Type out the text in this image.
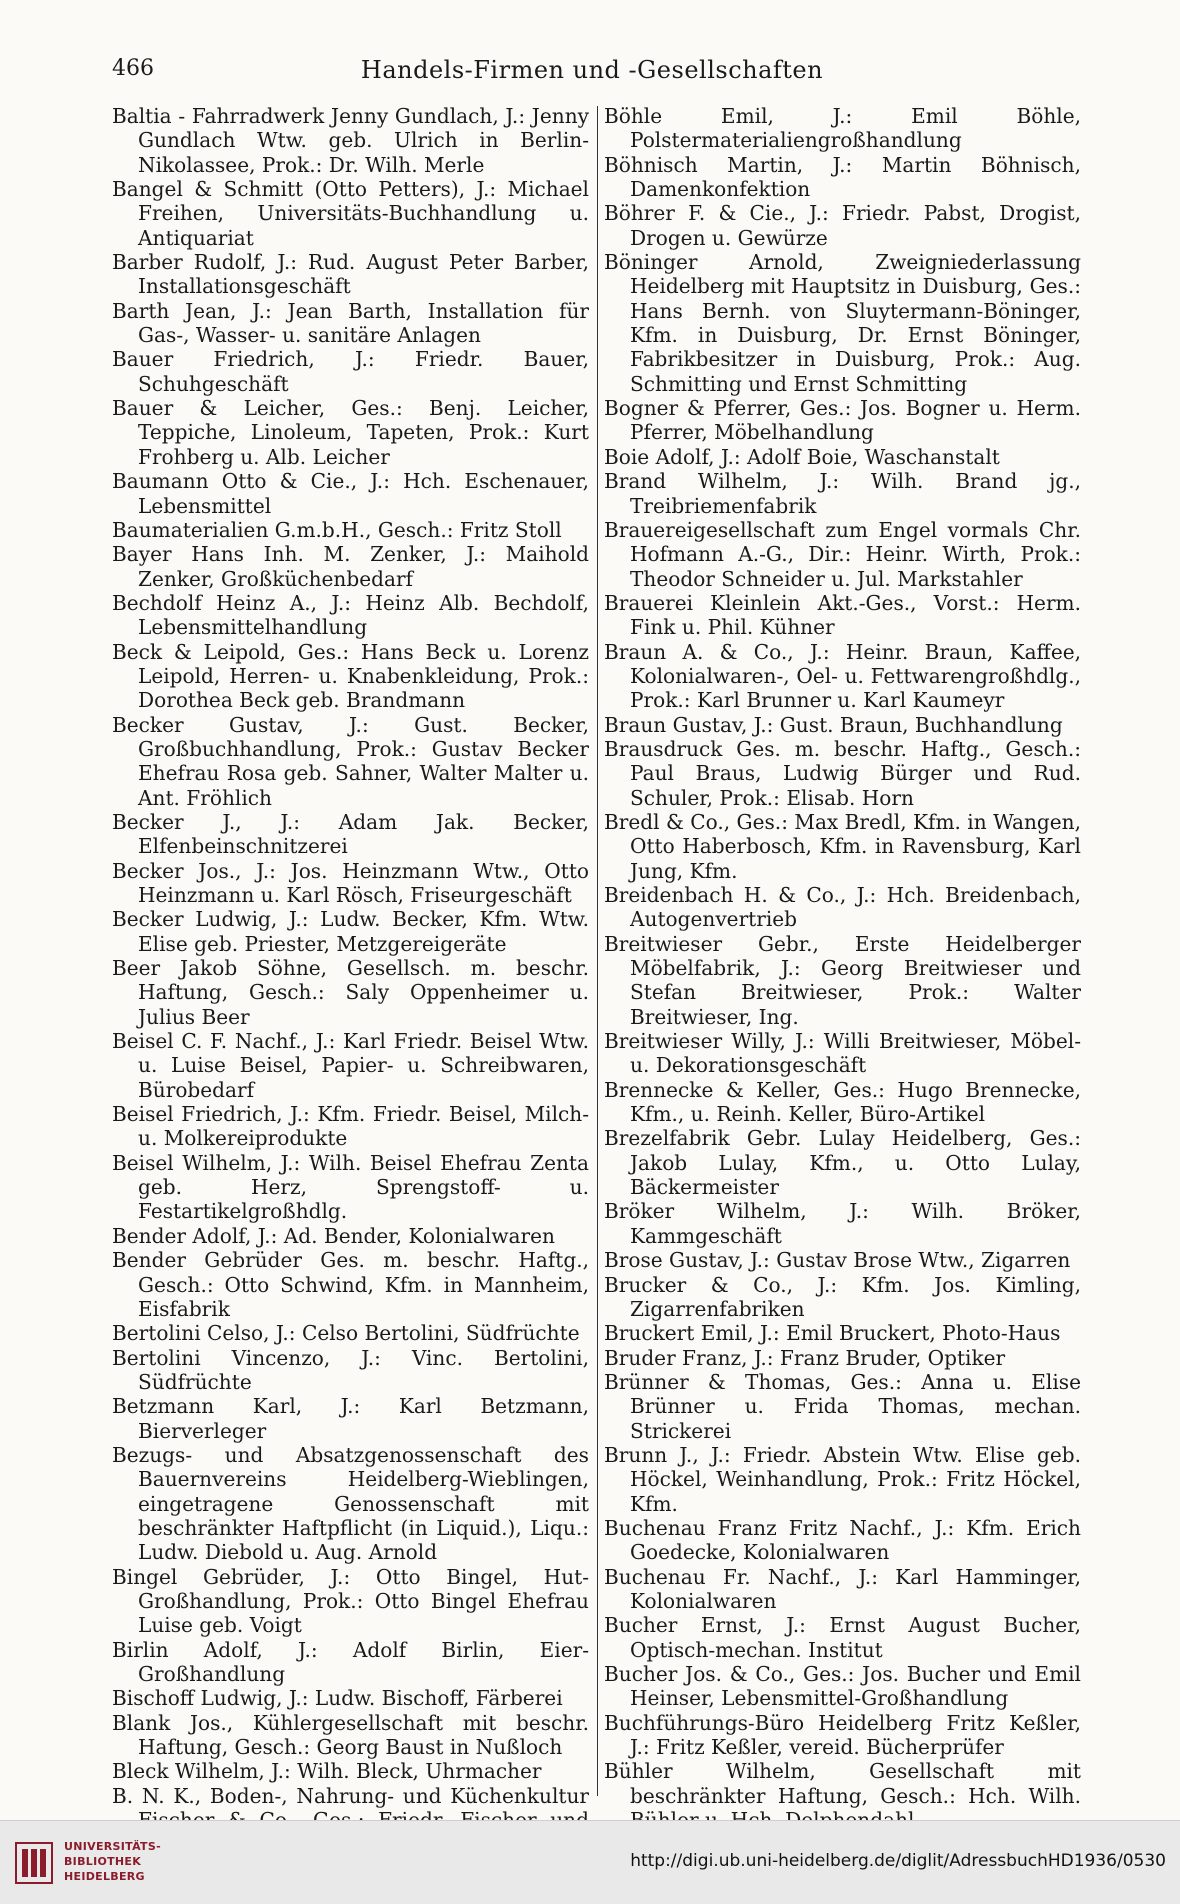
466	Handels-Firmen und -Gesellschaften

Baltia - Fahrradwerk Jenny Gundlach, J.: Jenny Gundlach Wtw. geb. Ulrich in Berlin-Nikolassee, Prok.: Dr. Wilh. Merle

Bangel & Schmitt (Otto Petters), J.: Michael Freihen, Universitäts-Buchhandlung u. Antiquariat

Barber Rudolf, J.: Rud. August Peter Barber, Installationsgeschäft

Barth Jean, J.: Jean Barth, Installation für Gas-, Wasser- u. sanitäre Anlagen

Bauer Friedrich, J.: Friedr. Bauer, Schuhgeschäft

Bauer & Leicher, Ges.: Benj. Leicher, Teppiche, Linoleum, Tapeten, Prok.: Kurt Frohberg u. Alb. Leicher

Baumann Otto & Cie., J.: Hch. Eschenauer, Lebensmittel

Baumaterialien G.m.b.H., Gesch.: Fritz Stoll

Bayer Hans Inh. M. Zenker, J.: Maihold Zenker, Großküchenbedarf

Bechdolf Heinz A., J.: Heinz Alb. Bechdolf, Lebensmittelhandlung

Beck & Leipold, Ges.: Hans Beck u. Lorenz Leipold, Herren- u. Knabenkleidung, Prok.: Dorothea Beck geb. Brandmann

Becker Gustav, J.: Gust. Becker, Großbuchhandlung, Prok.: Gustav Becker Ehefrau Rosa geb. Sahner, Walter Malter u. Ant. Fröhlich

Becker J., J.: Adam Jak. Becker, Elfenbeinschnitzerei

Becker Jos., J.: Jos. Heinzmann Wtw., Otto Heinzmann u. Karl Rösch, Friseurgeschäft

Becker Ludwig, J.: Ludw. Becker, Kfm. Wtw. Elise geb. Priester, Metzgereigeräte

Beer Jakob Söhne, Gesellsch. m. beschr. Haftung, Gesch.: Saly Oppenheimer u. Julius Beer

Beisel C. F. Nachf., J.: Karl Friedr. Beisel Wtw. u. Luise Beisel, Papier- u. Schreibwaren, Bürobedarf

Beisel Friedrich, J.: Kfm. Friedr. Beisel, Milch- u. Molkereiprodukte

Beisel Wilhelm, J.: Wilh. Beisel Ehefrau Zenta geb. Herz, Sprengstoff- u. Festartikelgroßhdlg.

Bender Adolf, J.: Ad. Bender, Kolonialwaren

Bender Gebrüder Ges. m. beschr. Haftg., Gesch.: Otto Schwind, Kfm. in Mannheim, Eisfabrik

Bertolini Celso, J.: Celso Bertolini, Südfrüchte

Bertolini Vincenzo, J.: Vinc. Bertolini, Südfrüchte

Betzmann Karl, J.: Karl Betzmann, Bierverleger

Bezugs- und Absatzgenossenschaft des Bauernvereins Heidelberg-Wieblingen, eingetragene Genossenschaft mit beschränkter Haftpflicht (in Liquid.), Liqu.: Ludw. Diebold u. Aug. Arnold

Bingel Gebrüder, J.: Otto Bingel, Hut-Großhandlung, Prok.: Otto Bingel Ehefrau Luise geb. Voigt

Birlin Adolf, J.: Adolf Birlin, Eier-Großhandlung

Bischoff Ludwig, J.: Ludw. Bischoff, Färberei

Blank Jos., Kühlergesellschaft mit beschr. Haftung, Gesch.: Georg Baust in Nußloch

Bleck Wilhelm, J.: Wilh. Bleck, Uhrmacher

B. N. K., Boden-, Nahrung- und Küchenkultur

Böhle Emil, J.: Emil Böhle, Polstermaterialiengroßhandlung

Böhnisch Martin, J.: Martin Böhnisch, Damenkonfektion

Böhrer F. & Cie., J.: Friedr. Pabst, Drogist, Drogen u. Gewürze

Böninger Arnold, Zweigniederlassung Heidelberg mit Hauptsitz in Duisburg, Ges.: Hans Bernh. von Sluytermann-Böninger, Kfm. in Duisburg, Dr. Ernst Böninger, Fabrikbesitzer in Duisburg, Prok.: Aug. Schmitting und Ernst Schmitting

Bogner & Pferrer, Ges.: Jos. Bogner u. Herm. Pferrer, Möbelhandlung

Boie Adolf, J.: Adolf Boie, Waschanstalt

Brand Wilhelm, J.: Wilh. Brand jg., Treibriemenfabrik

Brauereigesellschaft zum Engel vormals Chr. Hofmann A.-G., Dir.: Heinr. Wirth, Prok.: Theodor Schneider u. Jul. Markstahler

Brauerei Kleinlein Akt.-Ges., Vorst.: Herm. Fink u. Phil. Kühner

Braun A. & Co., J.: Heinr. Braun, Kaffee, Kolonialwaren-, Oel- u. Fettwarengroßhdlg., Prok.: Karl Brunner u. Karl Kaumeyr

Braun Gustav, J.: Gust. Braun, Buchhandlung

Brausdruck Ges. m. beschr. Haftg., Gesch.: Paul Braus, Ludwig Bürger und Rud. Schuler, Prok.: Elisab. Horn

Bredl & Co., Ges.: Max Bredl, Kfm. in Wangen, Otto Haberbosch, Kfm. in Ravensburg, Karl Jung, Kfm.

Breidenbach H. & Co., J.: Hch. Breidenbach, Autogenvertrieb

Breitwieser Gebr., Erste Heidelberger Möbelfabrik, J.: Georg Breitwieser und Stefan Breitwieser, Prok.: Walter Breitwieser, Ing.

Breitwieser Willy, J.: Willi Breitwieser, Möbel- u. Dekorationsgeschäft

Brennecke & Keller, Ges.: Hugo Brennecke, Kfm., u. Reinh. Keller, Büro-Artikel

Brezelfabrik Gebr. Lulay Heidelberg, Ges.: Jakob Lulay, Kfm., u. Otto Lulay, Bäckermeister

Bröker Wilhelm, J.: Wilh. Bröker, Kammgeschäft

Brose Gustav, J.: Gustav Brose Wtw., Zigarren

Brucker & Co., J.: Kfm. Jos. Kimling, Zigarrenfabriken

Bruckert Emil, J.: Emil Bruckert, Photo-Haus

Bruder Franz, J.: Franz Bruder, Optiker

Brünner & Thomas, Ges.: Anna u. Elise Brünner u. Frida Thomas, mechan. Strickerei

Brunn J., J.: Friedr. Abstein Wtw. Elise geb. Höckel, Weinhandlung, Prok.: Fritz Höckel, Kfm.

Buchenau Franz Fritz Nachf., J.: Kfm. Erich Goedecke, Kolonialwaren

Buchenau Fr. Nachf., J.: Karl Hamminger, Kolonialwaren

Bucher Ernst, J.: Ernst August Bucher, Optisch-mechan. Institut

Bucher Jos. & Co., Ges.: Jos. Bucher und Emil Heinser, Lebensmittel-Großhandlung

Buchführungs-Büro Heidelberg Fritz Keßler, J.: Fritz Keßler, vereid. Bücherprüfer

Bühler Wilhelm, Gesellschaft mit beschränkter Haftung, Gesch.: Hch. Wilh.

UNIVERSITÄTS-
BIBLIOTHEK
HEIDELBERG
http://digi.ub.uni-heidelberg.de/diglit/AdressbuchHD1936/0530
